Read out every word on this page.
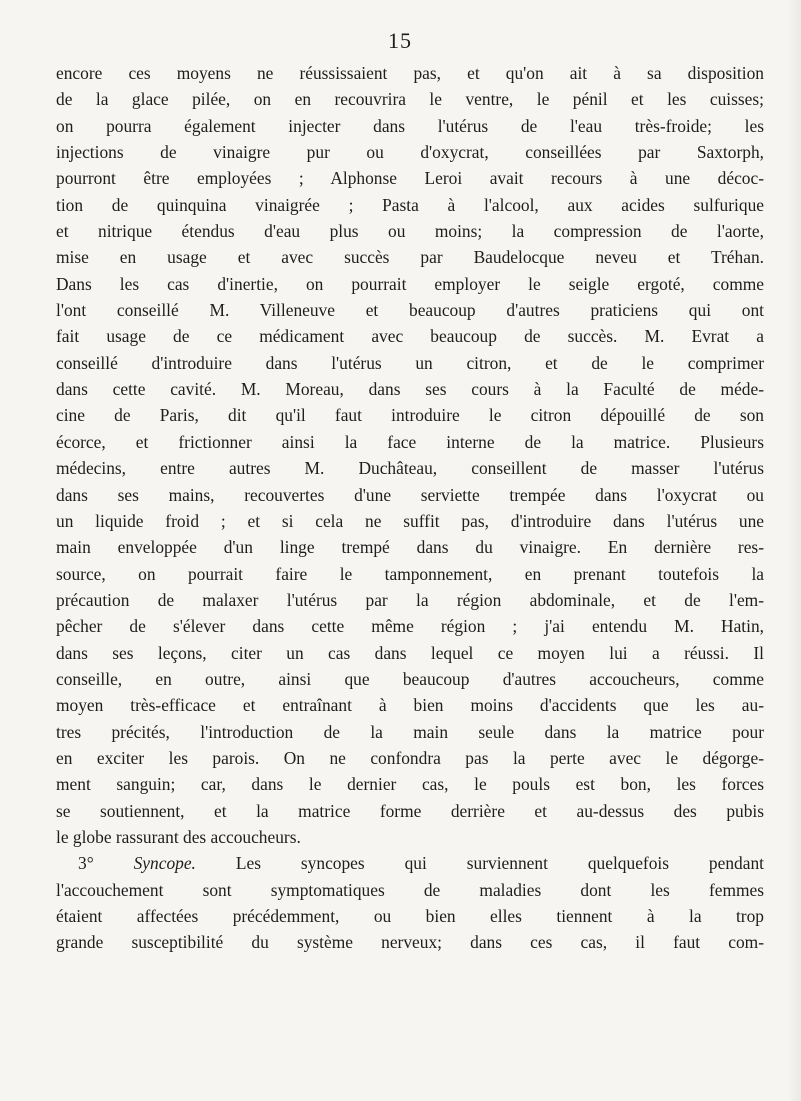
15
encore ces moyens ne réussissaient pas, et qu'on ait à sa disposition
de la glace pilée, on en recouvrira le ventre, le pénil et les cuisses;
on pourra également injecter dans l'utérus de l'eau très-froide; les
injections de vinaigre pur ou d'oxycrat, conseillées par Saxtorph,
pourront être employées ; Alphonse Leroi avait recours à une décoc-
tion de quinquina vinaigrée ; Pasta à l'alcool, aux acides sulfurique
et nitrique étendus d'eau plus ou moins; la compression de l'aorte,
mise en usage et avec succès par Baudelocque neveu et Tréhan.
Dans les cas d'inertie, on pourrait employer le seigle ergoté, comme
l'ont conseillé M. Villeneuve et beaucoup d'autres praticiens qui ont
fait usage de ce médicament avec beaucoup de succès. M. Evrat a
conseillé d'introduire dans l'utérus un citron, et de le comprimer
dans cette cavité. M. Moreau, dans ses cours à la Faculté de méde-
cine de Paris, dit qu'il faut introduire le citron dépouillé de son
écorce, et frictionner ainsi la face interne de la matrice. Plusieurs
médecins, entre autres M. Duchâteau, conseillent de masser l'utérus
dans ses mains, recouvertes d'une serviette trempée dans l'oxycrat ou
un liquide froid ; et si cela ne suffit pas, d'introduire dans l'utérus une
main enveloppée d'un linge trempé dans du vinaigre. En dernière res-
source, on pourrait faire le tamponnement, en prenant toutefois la
précaution de malaxer l'utérus par la région abdominale, et de l'em-
pêcher de s'élever dans cette même région ; j'ai entendu M. Hatin,
dans ses leçons, citer un cas dans lequel ce moyen lui a réussi. Il
conseille, en outre, ainsi que beaucoup d'autres accoucheurs, comme
moyen très-efficace et entraînant à bien moins d'accidents que les au-
tres précités, l'introduction de la main seule dans la matrice pour
en exciter les parois. On ne confondra pas la perte avec le dégorge-
ment sanguin; car, dans le dernier cas, le pouls est bon, les forces
se soutiennent, et la matrice forme derrière et au-dessus des pubis
le globe rassurant des accoucheurs.
3° Syncope. Les syncopes qui surviennent quelquefois pendant
l'accouchement sont symptomatiques de maladies dont les femmes
étaient affectées précédemment, ou bien elles tiennent à la trop
grande susceptibilité du système nerveux; dans ces cas, il faut com-
